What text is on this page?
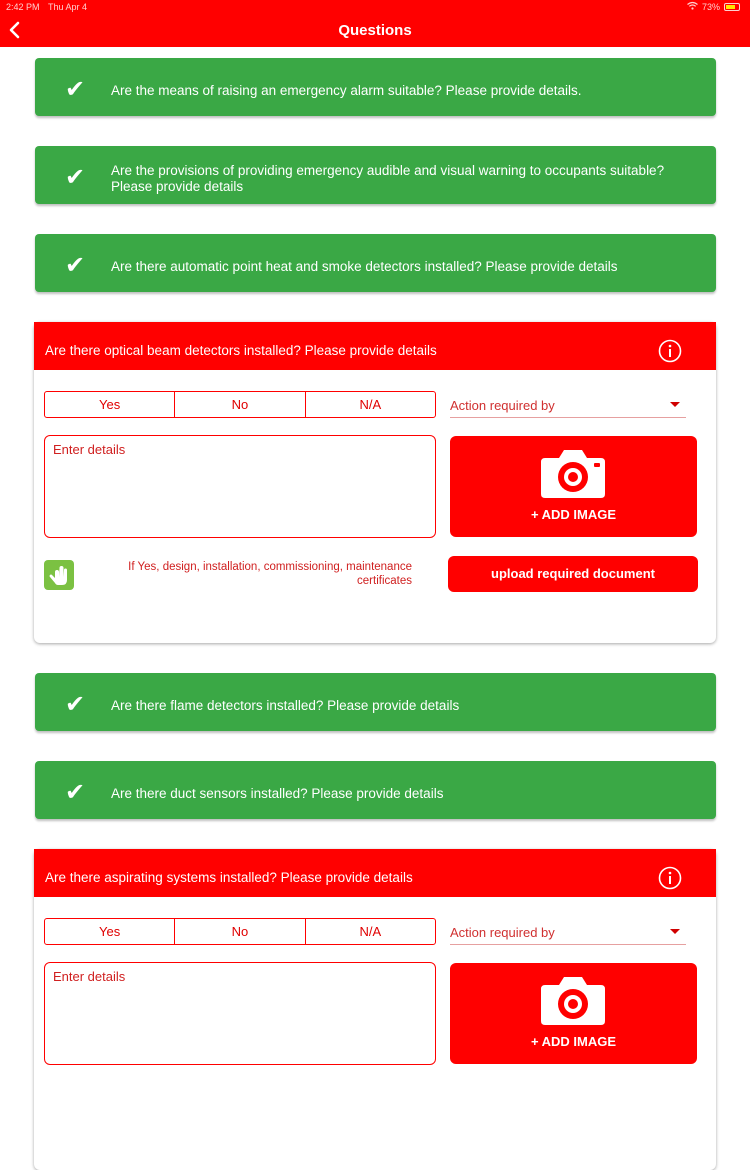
2:42 PM Thu Apr 4	73%
Questions
✔ Are the means of raising an emergency alarm suitable? Please provide details.
✔ Are the provisions of providing emergency audible and visual warning to occupants suitable? Please provide details
✔ Are there automatic point heat and smoke detectors installed? Please provide details
Are there optical beam detectors installed? Please provide details
Yes	No	N/A	Action required by
Enter details
+ ADD IMAGE
If Yes, design, installation, commissioning, maintenance certificates	upload required document
✔ Are there flame detectors installed? Please provide details
✔ Are there duct sensors installed? Please provide details
Are there aspirating systems installed? Please provide details
Yes	No	N/A	Action required by
Enter details
+ ADD IMAGE
